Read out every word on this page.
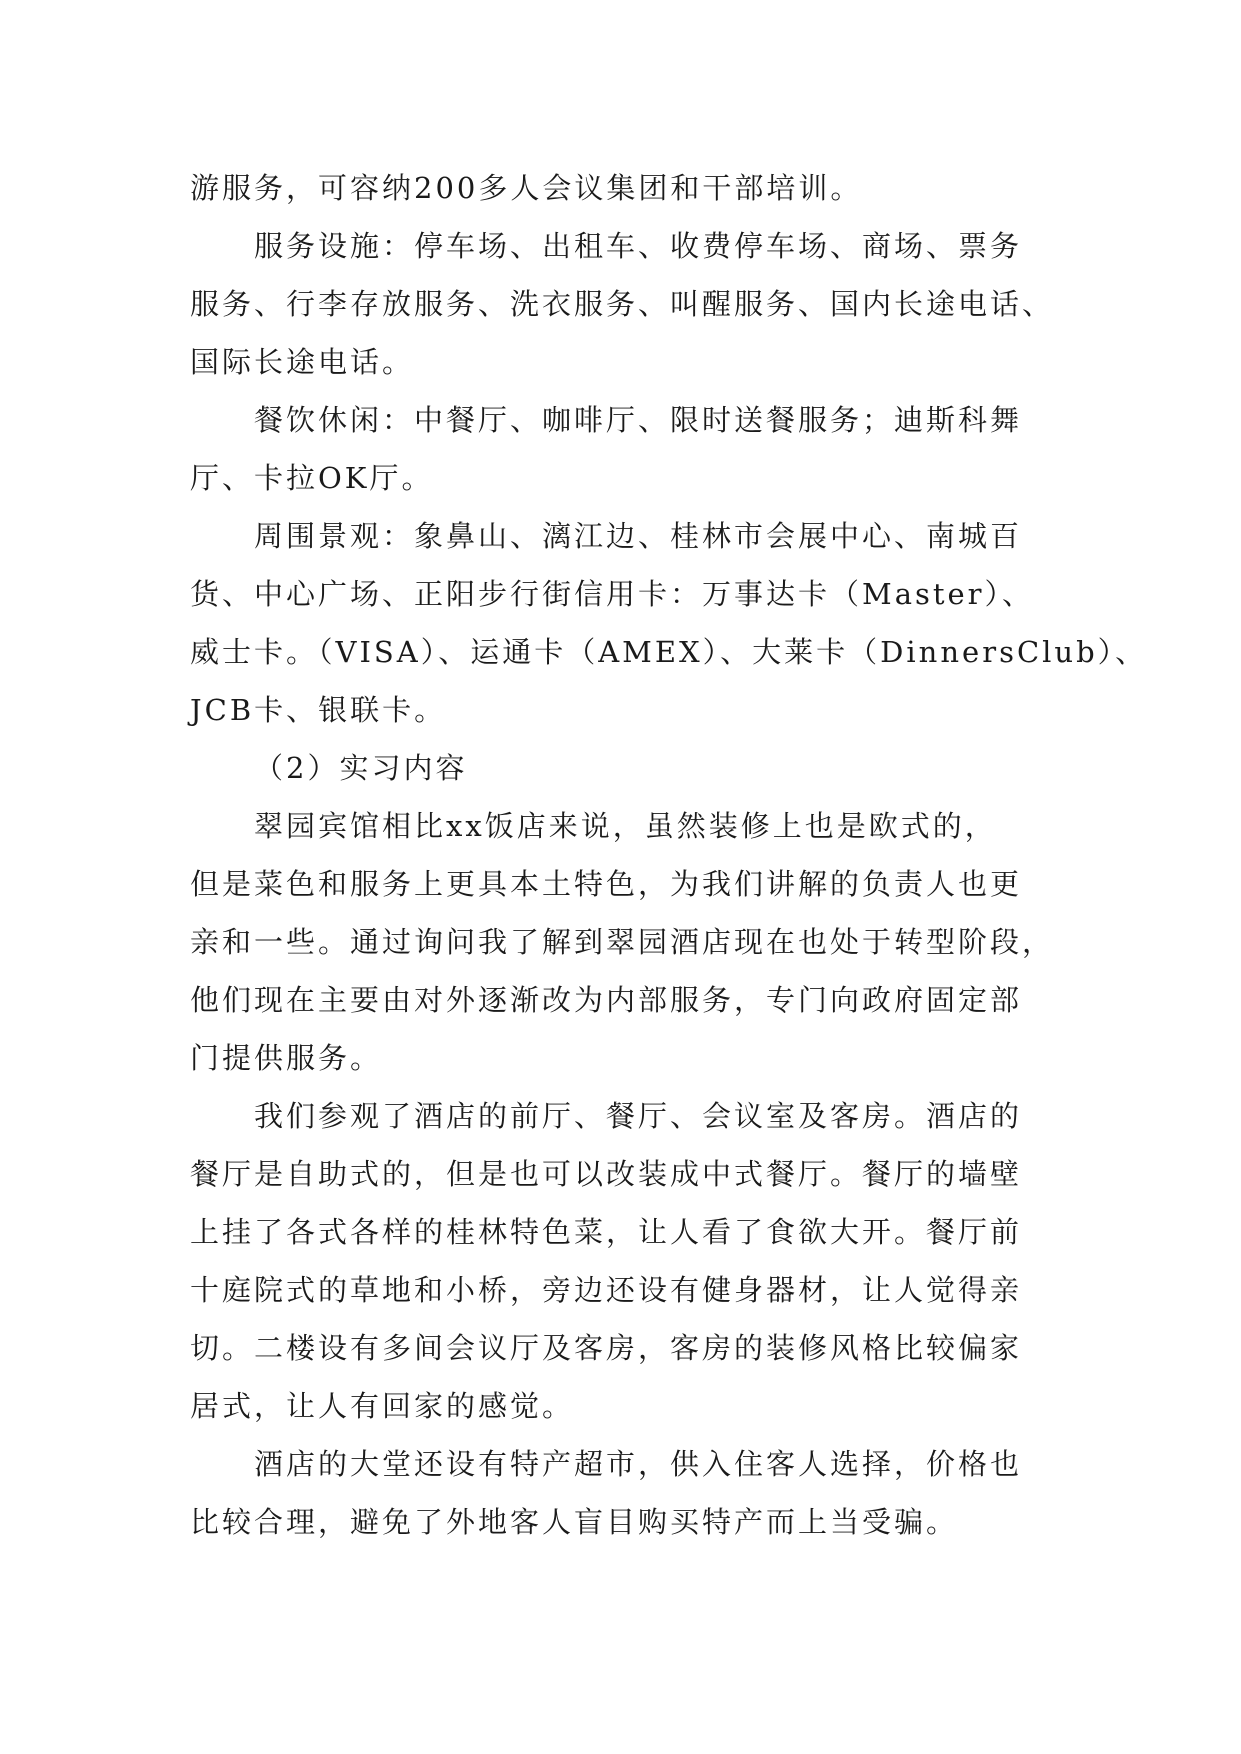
游服务，可容纳200多人会议集团和干部培训。
服务设施：停车场、出租车、收费停车场、商场、票务
服务、行李存放服务、洗衣服务、叫醒服务、国内长途电话、
国际长途电话。
餐饮休闲：中餐厅、咖啡厅、限时送餐服务；迪斯科舞
厅、卡拉OK厅。
周围景观：象鼻山、漓江边、桂林市会展中心、南城百
货、中心广场、正阳步行街信用卡：万事达卡（Master）、
威士卡。（VISA）、运通卡（AMEX）、大莱卡（DinnersClub）、
JCB卡、银联卡。
（2）实习内容
翠园宾馆相比xx饭店来说，虽然装修上也是欧式的，
但是菜色和服务上更具本土特色，为我们讲解的负责人也更
亲和一些。通过询问我了解到翠园酒店现在也处于转型阶段，
他们现在主要由对外逐渐改为内部服务，专门向政府固定部
门提供服务。
我们参观了酒店的前厅、餐厅、会议室及客房。酒店的
餐厅是自助式的，但是也可以改装成中式餐厅。餐厅的墙壁
上挂了各式各样的桂林特色菜，让人看了食欲大开。餐厅前
十庭院式的草地和小桥，旁边还设有健身器材，让人觉得亲
切。二楼设有多间会议厅及客房，客房的装修风格比较偏家
居式，让人有回家的感觉。
酒店的大堂还设有特产超市，供入住客人选择，价格也
比较合理，避免了外地客人盲目购买特产而上当受骗。
